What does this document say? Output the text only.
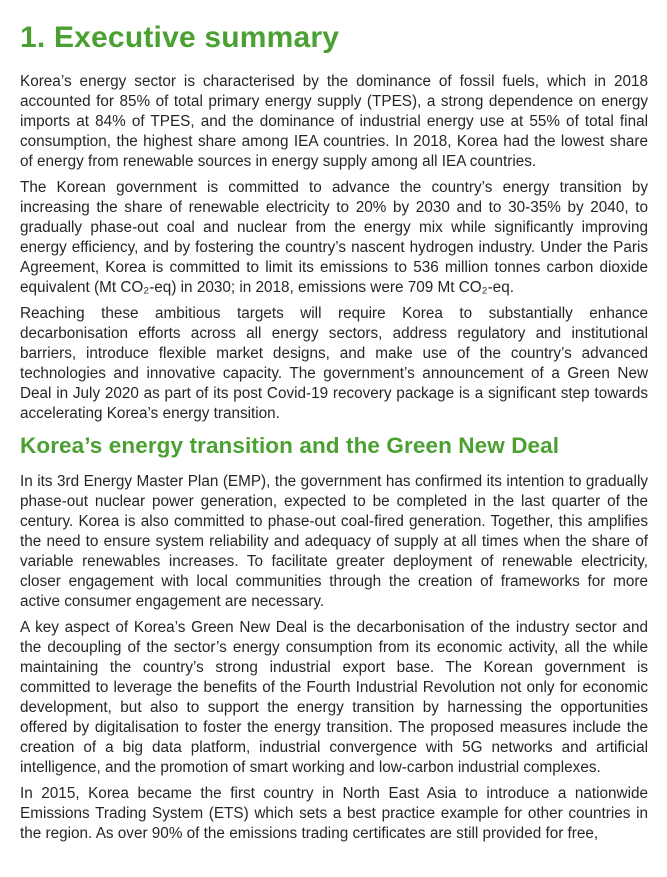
1. Executive summary

Korea’s energy sector is characterised by the dominance of fossil fuels, which in 2018 accounted for 85% of total primary energy supply (TPES), a strong dependence on energy imports at 84% of TPES, and the dominance of industrial energy use at 55% of total final consumption, the highest share among IEA countries. In 2018, Korea had the lowest share of energy from renewable sources in energy supply among all IEA countries.

The Korean government is committed to advance the country’s energy transition by increasing the share of renewable electricity to 20% by 2030 and to 30-35% by 2040, to gradually phase-out coal and nuclear from the energy mix while significantly improving energy efficiency, and by fostering the country’s nascent hydrogen industry. Under the Paris Agreement, Korea is committed to limit its emissions to 536 million tonnes carbon dioxide equivalent (Mt CO₂-eq) in 2030; in 2018, emissions were 709 Mt CO₂-eq.

Reaching these ambitious targets will require Korea to substantially enhance decarbonisation efforts across all energy sectors, address regulatory and institutional barriers, introduce flexible market designs, and make use of the country’s advanced technologies and innovative capacity. The government’s announcement of a Green New Deal in July 2020 as part of its post Covid-19 recovery package is a significant step towards accelerating Korea’s energy transition.

Korea’s energy transition and the Green New Deal

In its 3rd Energy Master Plan (EMP), the government has confirmed its intention to gradually phase-out nuclear power generation, expected to be completed in the last quarter of the century. Korea is also committed to phase-out coal-fired generation. Together, this amplifies the need to ensure system reliability and adequacy of supply at all times when the share of variable renewables increases. To facilitate greater deployment of renewable electricity, closer engagement with local communities through the creation of frameworks for more active consumer engagement are necessary.

A key aspect of Korea’s Green New Deal is the decarbonisation of the industry sector and the decoupling of the sector’s energy consumption from its economic activity, all the while maintaining the country’s strong industrial export base. The Korean government is committed to leverage the benefits of the Fourth Industrial Revolution not only for economic development, but also to support the energy transition by harnessing the opportunities offered by digitalisation to foster the energy transition. The proposed measures include the creation of a big data platform, industrial convergence with 5G networks and artificial intelligence, and the promotion of smart working and low-carbon industrial complexes.

In 2015, Korea became the first country in North East Asia to introduce a nationwide Emissions Trading System (ETS) which sets a best practice example for other countries in the region. As over 90% of the emissions trading certificates are still provided for free,
